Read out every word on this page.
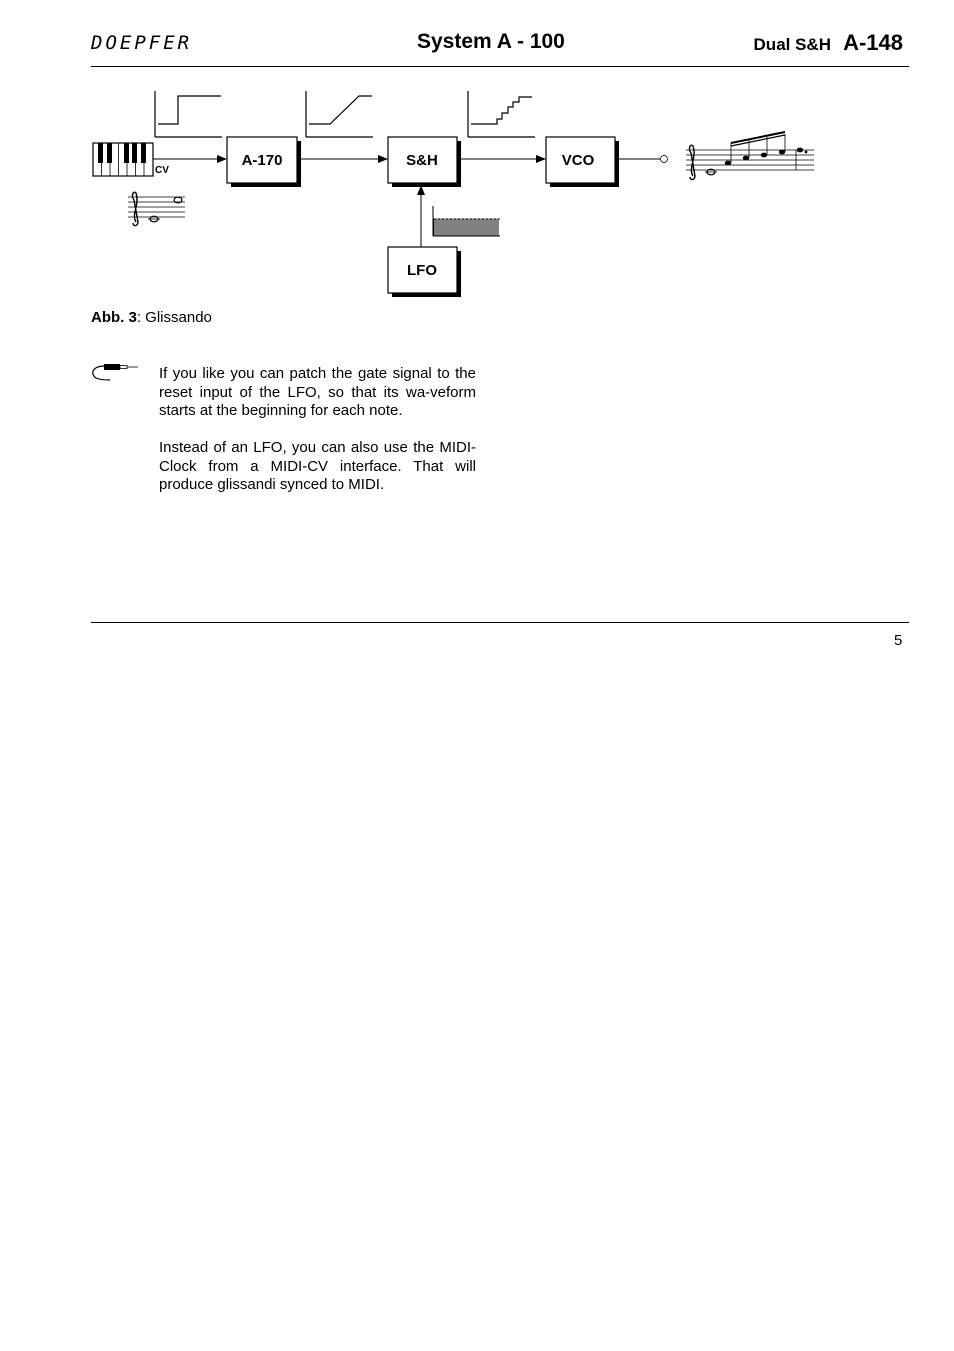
DOEPFER	System A - 100	Dual S&H A-148
CV
A-170	S&H	VCO
LFO
Abb. 3: Glissando
If you like you can patch the gate signal to the reset input of the LFO, so that its wa-veform starts at the beginning for each note.
Instead of an LFO, you can also use the MIDI-Clock from a MIDI-CV interface. That will produce glissandi synced to MIDI.
5
